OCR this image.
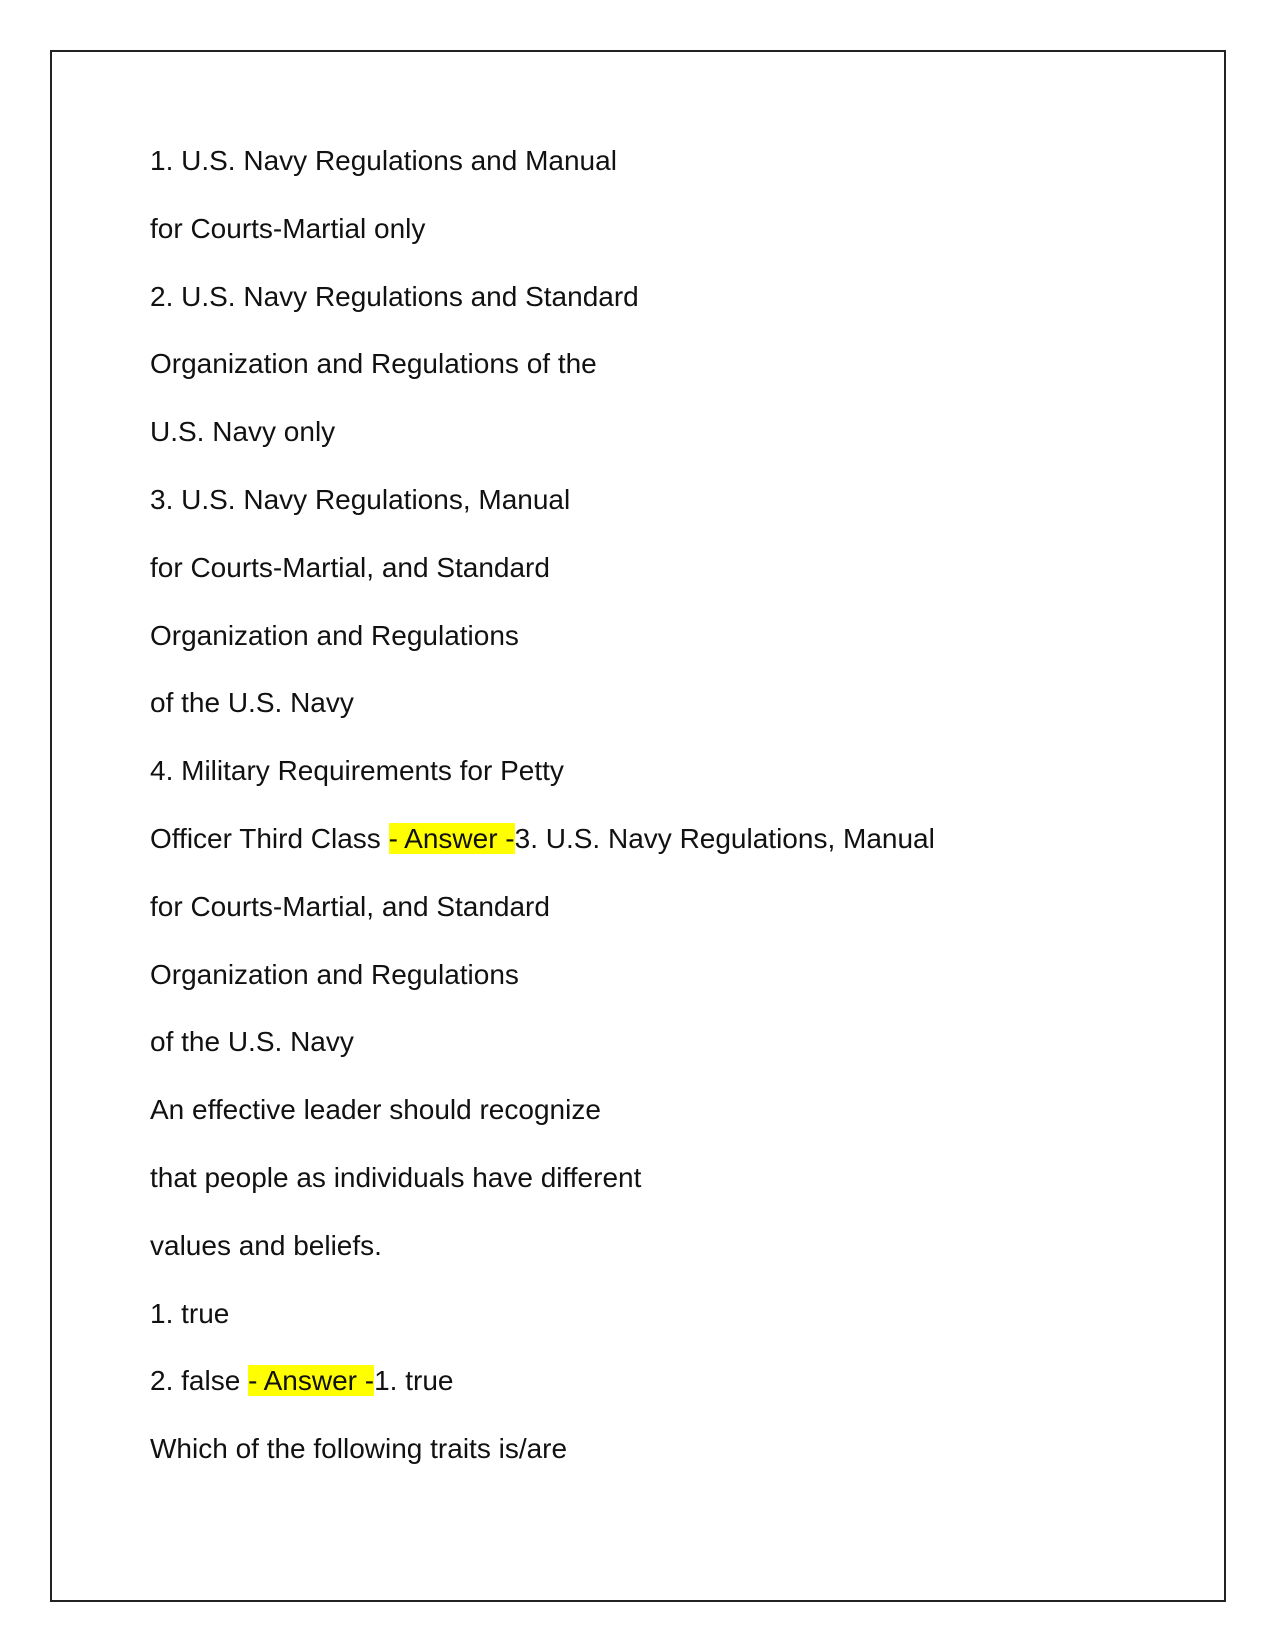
1. U.S. Navy Regulations and Manual
for Courts-Martial only
2. U.S. Navy Regulations and Standard
Organization and Regulations of the
U.S. Navy only
3. U.S. Navy Regulations, Manual
for Courts-Martial, and Standard
Organization and Regulations
of the U.S. Navy
4. Military Requirements for Petty
Officer Third Class - Answer -3. U.S. Navy Regulations, Manual
for Courts-Martial, and Standard
Organization and Regulations
of the U.S. Navy
An effective leader should recognize
that people as individuals have different
values and beliefs.
1. true
2. false - Answer -1. true
Which of the following traits is/are
